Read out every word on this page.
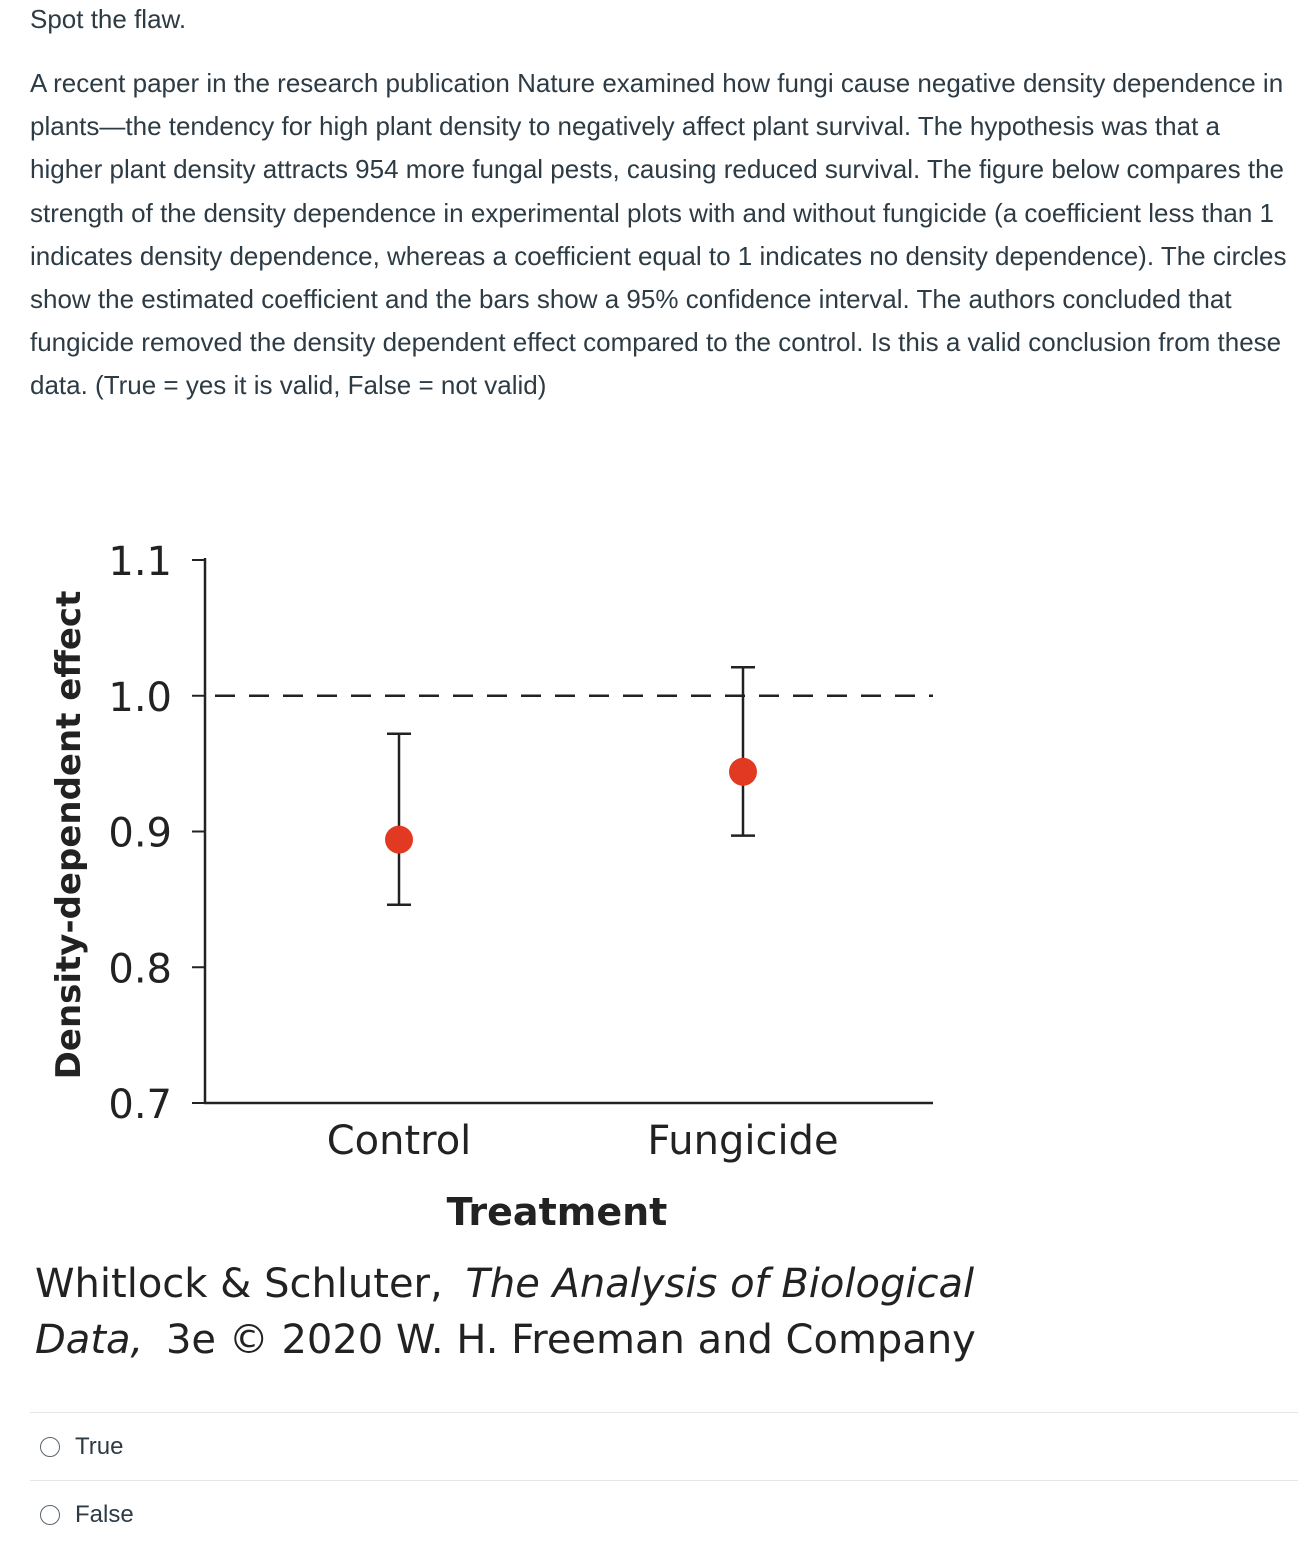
Spot the flaw.
A recent paper in the research publication Nature examined how fungi cause negative density dependence in plants—the tendency for high plant density to negatively affect plant survival. The hypothesis was that a higher plant density attracts 954 more fungal pests, causing reduced survival. The figure below compares the strength of the density dependence in experimental plots with and without fungicide (a coefficient less than 1 indicates density dependence, whereas a coefficient equal to 1 indicates no density dependence). The circles show the estimated coefficient and the bars show a 95% confidence interval. The authors concluded that fungicide removed the density dependent effect compared to the control. Is this a valid conclusion from these data. (True = yes it is valid, False = not valid)
Density-dependent effect
0.7
0.8
0.9
1.0
1.1
Control	Fungicide
Treatment
Whitlock & Schluter, The Analysis of Biological
Data, 3e © 2020 W. H. Freeman and Company
True
False
